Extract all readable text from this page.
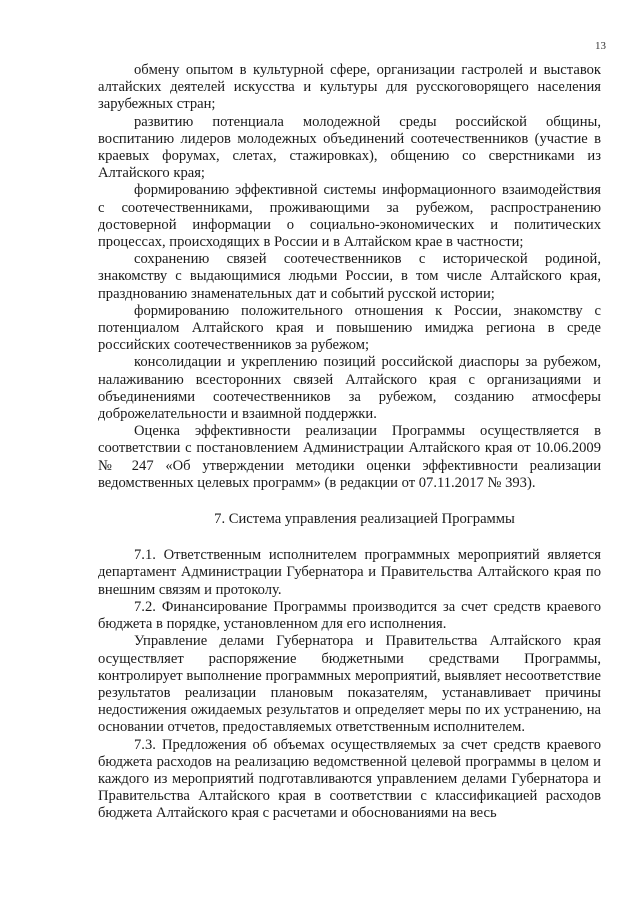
13

обмену опытом в культурной сфере, организации гастролей и выставок алтайских деятелей искусства и культуры для русскоговорящего населения зарубежных стран;

развитию потенциала молодежной среды российской общины, воспитанию лидеров молодежных объединений соотечественников (участие в краевых форумах, слетах, стажировках), общению со сверстниками из Алтайского края;

формированию эффективной системы информационного взаимодействия с соотечественниками, проживающими за рубежом, распространению достоверной информации о социально-экономических и политических процессах, происходящих в России и в Алтайском крае в частности;

сохранению связей соотечественников с исторической родиной, знакомству с выдающимися людьми России, в том числе Алтайского края, празднованию знаменательных дат и событий русской истории;

формированию положительного отношения к России, знакомству с потенциалом Алтайского края и повышению имиджа региона в среде российских соотечественников за рубежом;

консолидации и укреплению позиций российской диаспоры за рубежом, налаживанию всесторонних связей Алтайского края с организациями и объединениями соотечественников за рубежом, созданию атмосферы доброжелательности и взаимной поддержки.

Оценка эффективности реализации Программы осуществляется в соответствии с постановлением Администрации Алтайского края от 10.06.2009 № 247 «Об утверждении методики оценки эффективности реализации ведомственных целевых программ» (в редакции от 07.11.2017 № 393).

7. Система управления реализацией Программы

7.1. Ответственным исполнителем программных мероприятий является департамент Администрации Губернатора и Правительства Алтайского края по внешним связям и протоколу.

7.2. Финансирование Программы производится за счет средств краевого бюджета в порядке, установленном для его исполнения.

Управление делами Губернатора и Правительства Алтайского края осуществляет распоряжение бюджетными средствами Программы, контролирует выполнение программных мероприятий, выявляет несоответствие результатов реализации плановым показателям, устанавливает причины недостижения ожидаемых результатов и определяет меры по их устранению, на основании отчетов, предоставляемых ответственным исполнителем.

7.3. Предложения об объемах осуществляемых за счет средств краевого бюджета расходов на реализацию ведомственной целевой программы в целом и каждого из мероприятий подготавливаются управлением делами Губернатора и Правительства Алтайского края в соответствии с классификацией расходов бюджета Алтайского края с расчетами и обоснованиями на весь
